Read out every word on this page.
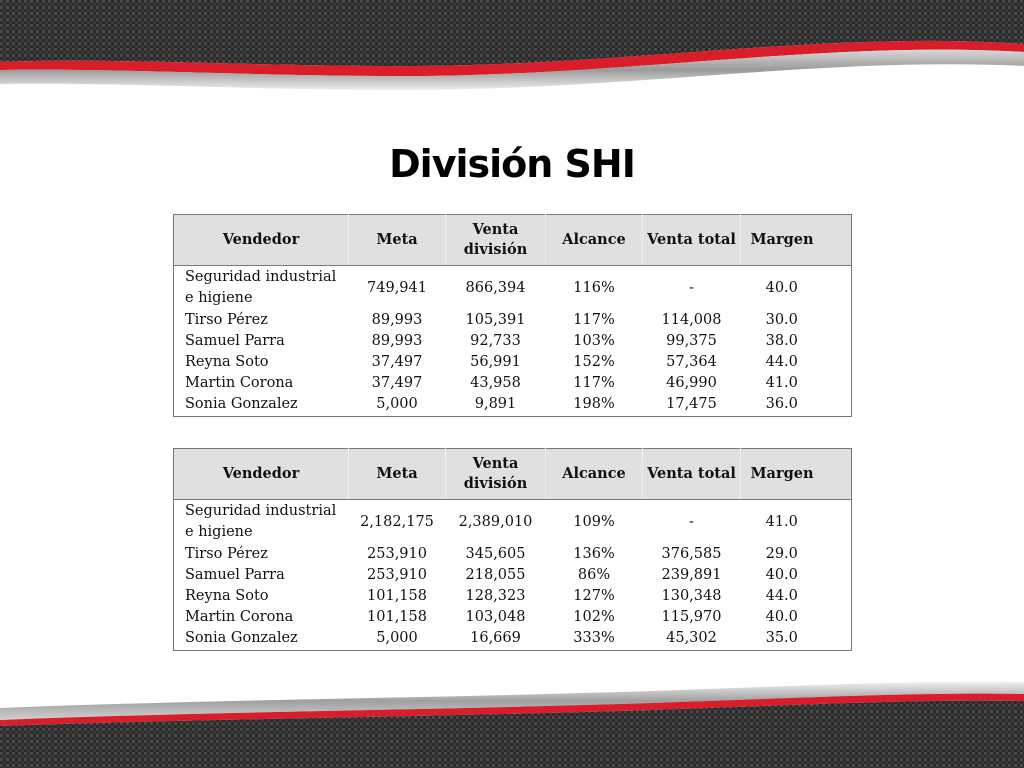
División SHI
Vendedor	Meta	Venta división	Alcance	Venta total	Margen
Seguridad industrial e higiene	749,941	866,394	116%	-	40.0
Tirso Pérez	89,993	105,391	117%	114,008	30.0
Samuel Parra	89,993	92,733	103%	99,375	38.0
Reyna Soto	37,497	56,991	152%	57,364	44.0
Martin Corona	37,497	43,958	117%	46,990	41.0
Sonia Gonzalez	5,000	9,891	198%	17,475	36.0
Vendedor	Meta	Venta división	Alcance	Venta total	Margen
Seguridad industrial e higiene	2,182,175	2,389,010	109%	-	41.0
Tirso Pérez	253,910	345,605	136%	376,585	29.0
Samuel Parra	253,910	218,055	86%	239,891	40.0
Reyna Soto	101,158	128,323	127%	130,348	44.0
Martin Corona	101,158	103,048	102%	115,970	40.0
Sonia Gonzalez	5,000	16,669	333%	45,302	35.0
